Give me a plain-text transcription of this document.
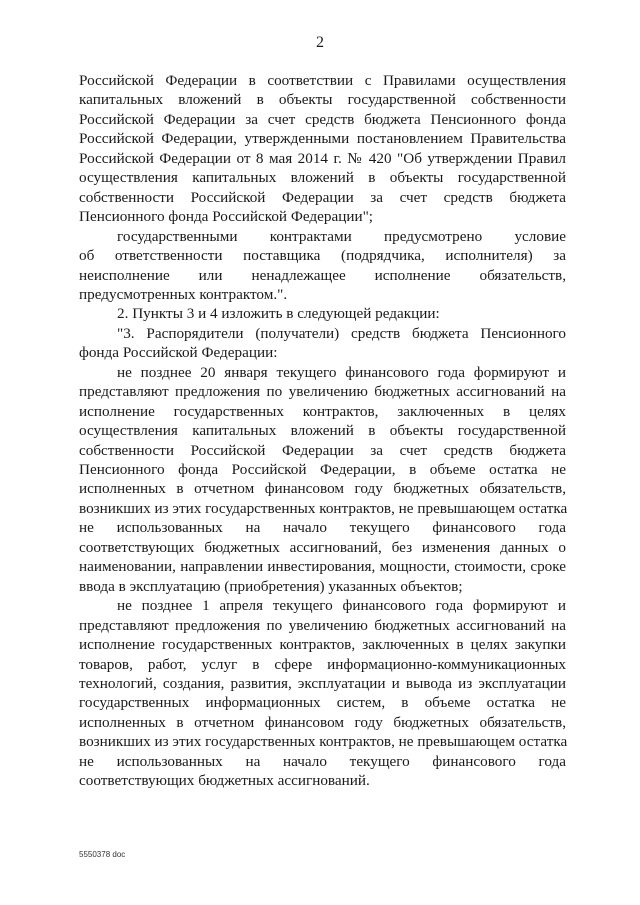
2
Российской Федерации в соответствии с Правилами осуществления
капитальных вложений в объекты государственной собственности
Российской Федерации за счет средств бюджета Пенсионного фонда
Российской Федерации, утвержденными постановлением Правительства
Российской Федерации от 8 мая 2014 г. № 420 "Об утверждении Правил
осуществления капитальных вложений в объекты государственной
собственности Российской Федерации за счет средств бюджета
Пенсионного фонда Российской Федерации";
государственными контрактами предусмотрено условие
об ответственности поставщика (подрядчика, исполнителя) за
неисполнение или ненадлежащее исполнение обязательств,
предусмотренных контрактом.".
2. Пункты 3 и 4 изложить в следующей редакции:
"3. Распорядители (получатели) средств бюджета Пенсионного
фонда Российской Федерации:
не позднее 20 января текущего финансового года формируют и
представляют предложения по увеличению бюджетных ассигнований на
исполнение государственных контрактов, заключенных в целях
осуществления капитальных вложений в объекты государственной
собственности Российской Федерации за счет средств бюджета
Пенсионного фонда Российской Федерации, в объеме остатка не
исполненных в отчетном финансовом году бюджетных обязательств,
возникших из этих государственных контрактов, не превышающем остатка
не использованных на начало текущего финансового года
соответствующих бюджетных ассигнований, без изменения данных о
наименовании, направлении инвестирования, мощности, стоимости, сроке
ввода в эксплуатацию (приобретения) указанных объектов;
не позднее 1 апреля текущего финансового года формируют и
представляют предложения по увеличению бюджетных ассигнований на
исполнение государственных контрактов, заключенных в целях закупки
товаров, работ, услуг в сфере информационно-коммуникационных
технологий, создания, развития, эксплуатации и вывода из эксплуатации
государственных информационных систем, в объеме остатка не
исполненных в отчетном финансовом году бюджетных обязательств,
возникших из этих государственных контрактов, не превышающем остатка
не использованных на начало текущего финансового года
соответствующих бюджетных ассигнований.
5550378 doc
